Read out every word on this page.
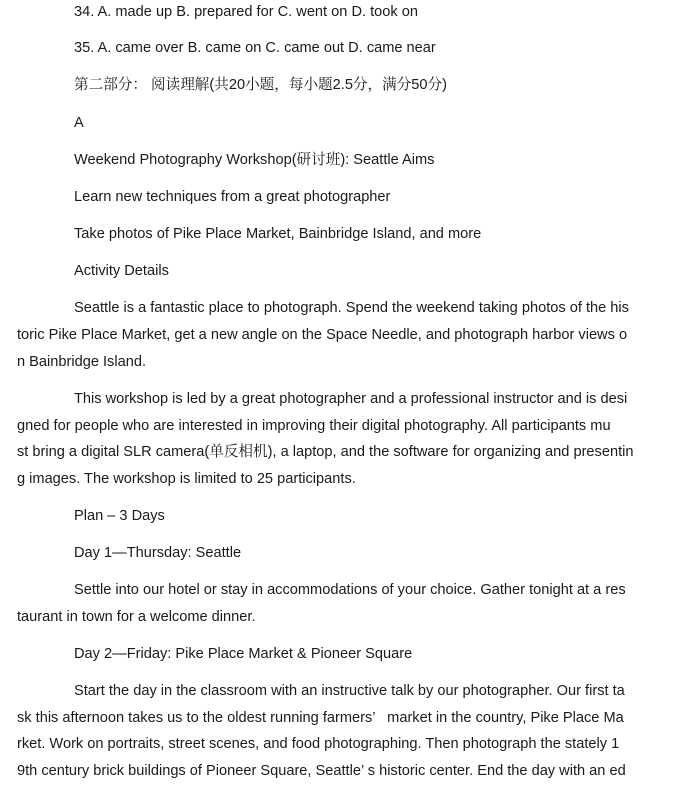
34. A. made up B. prepared for C. went on D. took on

35. A. came over B. came on C. came out D. came near

第二部分： 阅读理解(共20小题，每小题2.5分，满分50分)

A

Weekend Photography Workshop(研讨班): Seattle Aims

Learn new techniques from a great photographer

Take photos of Pike Place Market, Bainbridge Island, and more

Activity Details

Seattle is a fantastic place to photograph. Spend the weekend taking photos of the his

toric Pike Place Market, get a new angle on the Space Needle, and photograph harbor views o

n Bainbridge Island.

This workshop is led by a great photographer and a professional instructor and is desi

gned for people who are interested in improving their digital photography. All participants mu

st bring a digital SLR camera(单反相机), a laptop, and the software for organizing and presentin

g images. The workshop is limited to 25 participants.

Plan – 3 Days

Day 1—Thursday: Seattle

Settle into our hotel or stay in accommodations of your choice. Gather tonight at a res

taurant in town for a welcome dinner.

Day 2—Friday: Pike Place Market & Pioneer Square

Start the day in the classroom with an instructive talk by our photographer. Our first ta

sk this afternoon takes us to the oldest running farmers’   market in the country, Pike Place Ma

rket. Work on portraits, street scenes, and food photographing. Then photograph the stately 1

9th century brick buildings of Pioneer Square, Seattle’ s historic center. End the day with an ed
